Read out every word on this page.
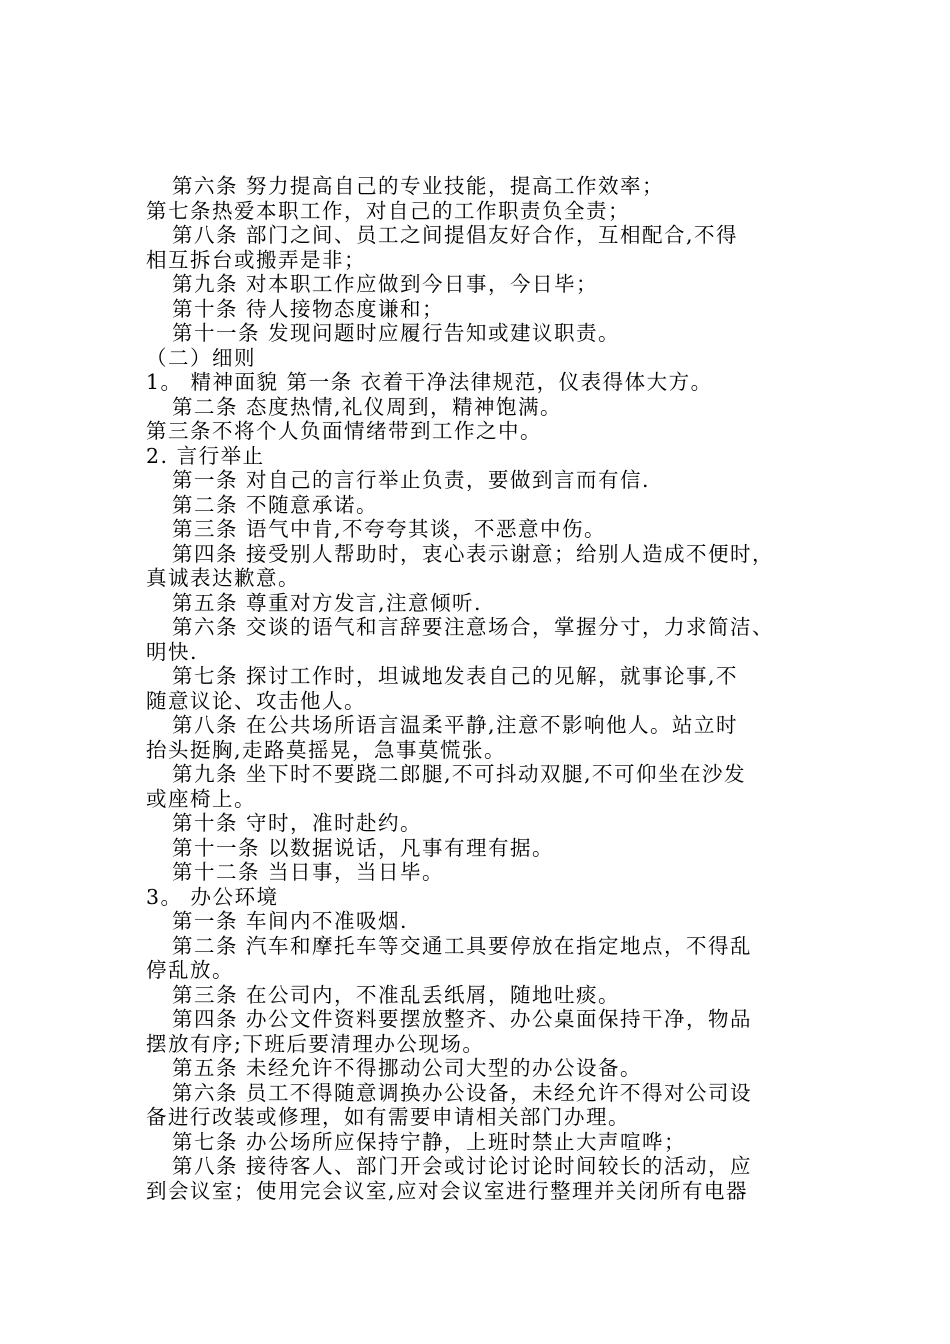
第六条 努力提高自己的专业技能，提高工作效率；
第七条热爱本职工作，对自己的工作职责负全责；
第八条 部门之间、员工之间提倡友好合作，互相配合,不得
相互拆台或搬弄是非；
第九条 对本职工作应做到今日事，今日毕；
第十条 待人接物态度谦和；
第十一条 发现问题时应履行告知或建议职责。
（二）细则
1。 精神面貌 第一条 衣着干净法律规范，仪表得体大方。
第二条 态度热情,礼仪周到，精神饱满。
第三条不将个人负面情绪带到工作之中。
2. 言行举止
第一条 对自己的言行举止负责，要做到言而有信.
第二条 不随意承诺。
第三条 语气中肯,不夸夸其谈，不恶意中伤。
第四条 接受别人帮助时，衷心表示谢意；给别人造成不便时，
真诚表达歉意。
第五条 尊重对方发言,注意倾听.
第六条 交谈的语气和言辞要注意场合，掌握分寸，力求简洁、
明快.
第七条 探讨工作时，坦诚地发表自己的见解，就事论事,不
随意议论、攻击他人。
第八条 在公共场所语言温柔平静,注意不影响他人。站立时
抬头挺胸,走路莫摇晃，急事莫慌张。
第九条 坐下时不要跷二郎腿,不可抖动双腿,不可仰坐在沙发
或座椅上。
第十条 守时，准时赴约。
第十一条 以数据说话，凡事有理有据。
第十二条 当日事，当日毕。
3。 办公环境
第一条 车间内不准吸烟.
第二条 汽车和摩托车等交通工具要停放在指定地点，不得乱
停乱放。
第三条 在公司内，不准乱丢纸屑，随地吐痰。
第四条 办公文件资料要摆放整齐、办公桌面保持干净，物品
摆放有序;下班后要清理办公现场。
第五条 未经允许不得挪动公司大型的办公设备。
第六条 员工不得随意调换办公设备，未经允许不得对公司设
备进行改装或修理，如有需要申请相关部门办理。
第七条 办公场所应保持宁静，上班时禁止大声喧哗；
第八条 接待客人、部门开会或讨论讨论时间较长的活动，应
到会议室；使用完会议室,应对会议室进行整理并关闭所有电器
